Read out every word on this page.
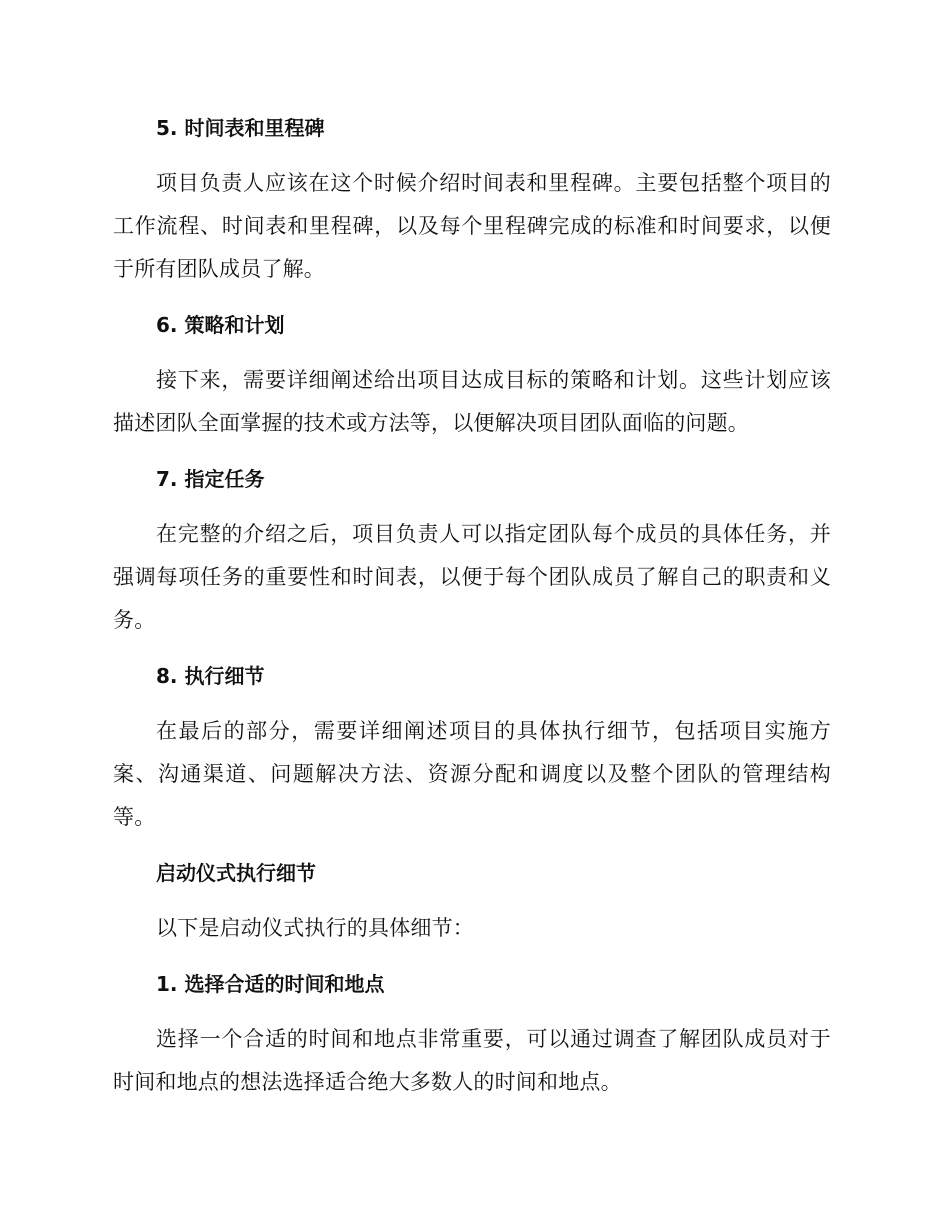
5. 时间表和里程碑

项目负责人应该在这个时候介绍时间表和里程碑。主要包括整个项目的工作流程、时间表和里程碑，以及每个里程碑完成的标准和时间要求，以便于所有团队成员了解。

6. 策略和计划

接下来，需要详细阐述给出项目达成目标的策略和计划。这些计划应该描述团队全面掌握的技术或方法等，以便解决项目团队面临的问题。

7. 指定任务

在完整的介绍之后，项目负责人可以指定团队每个成员的具体任务，并强调每项任务的重要性和时间表，以便于每个团队成员了解自己的职责和义务。

8. 执行细节

在最后的部分，需要详细阐述项目的具体执行细节，包括项目实施方案、沟通渠道、问题解决方法、资源分配和调度以及整个团队的管理结构等。

启动仪式执行细节

以下是启动仪式执行的具体细节：

1. 选择合适的时间和地点

选择一个合适的时间和地点非常重要，可以通过调查了解团队成员对于时间和地点的想法选择适合绝大多数人的时间和地点。
